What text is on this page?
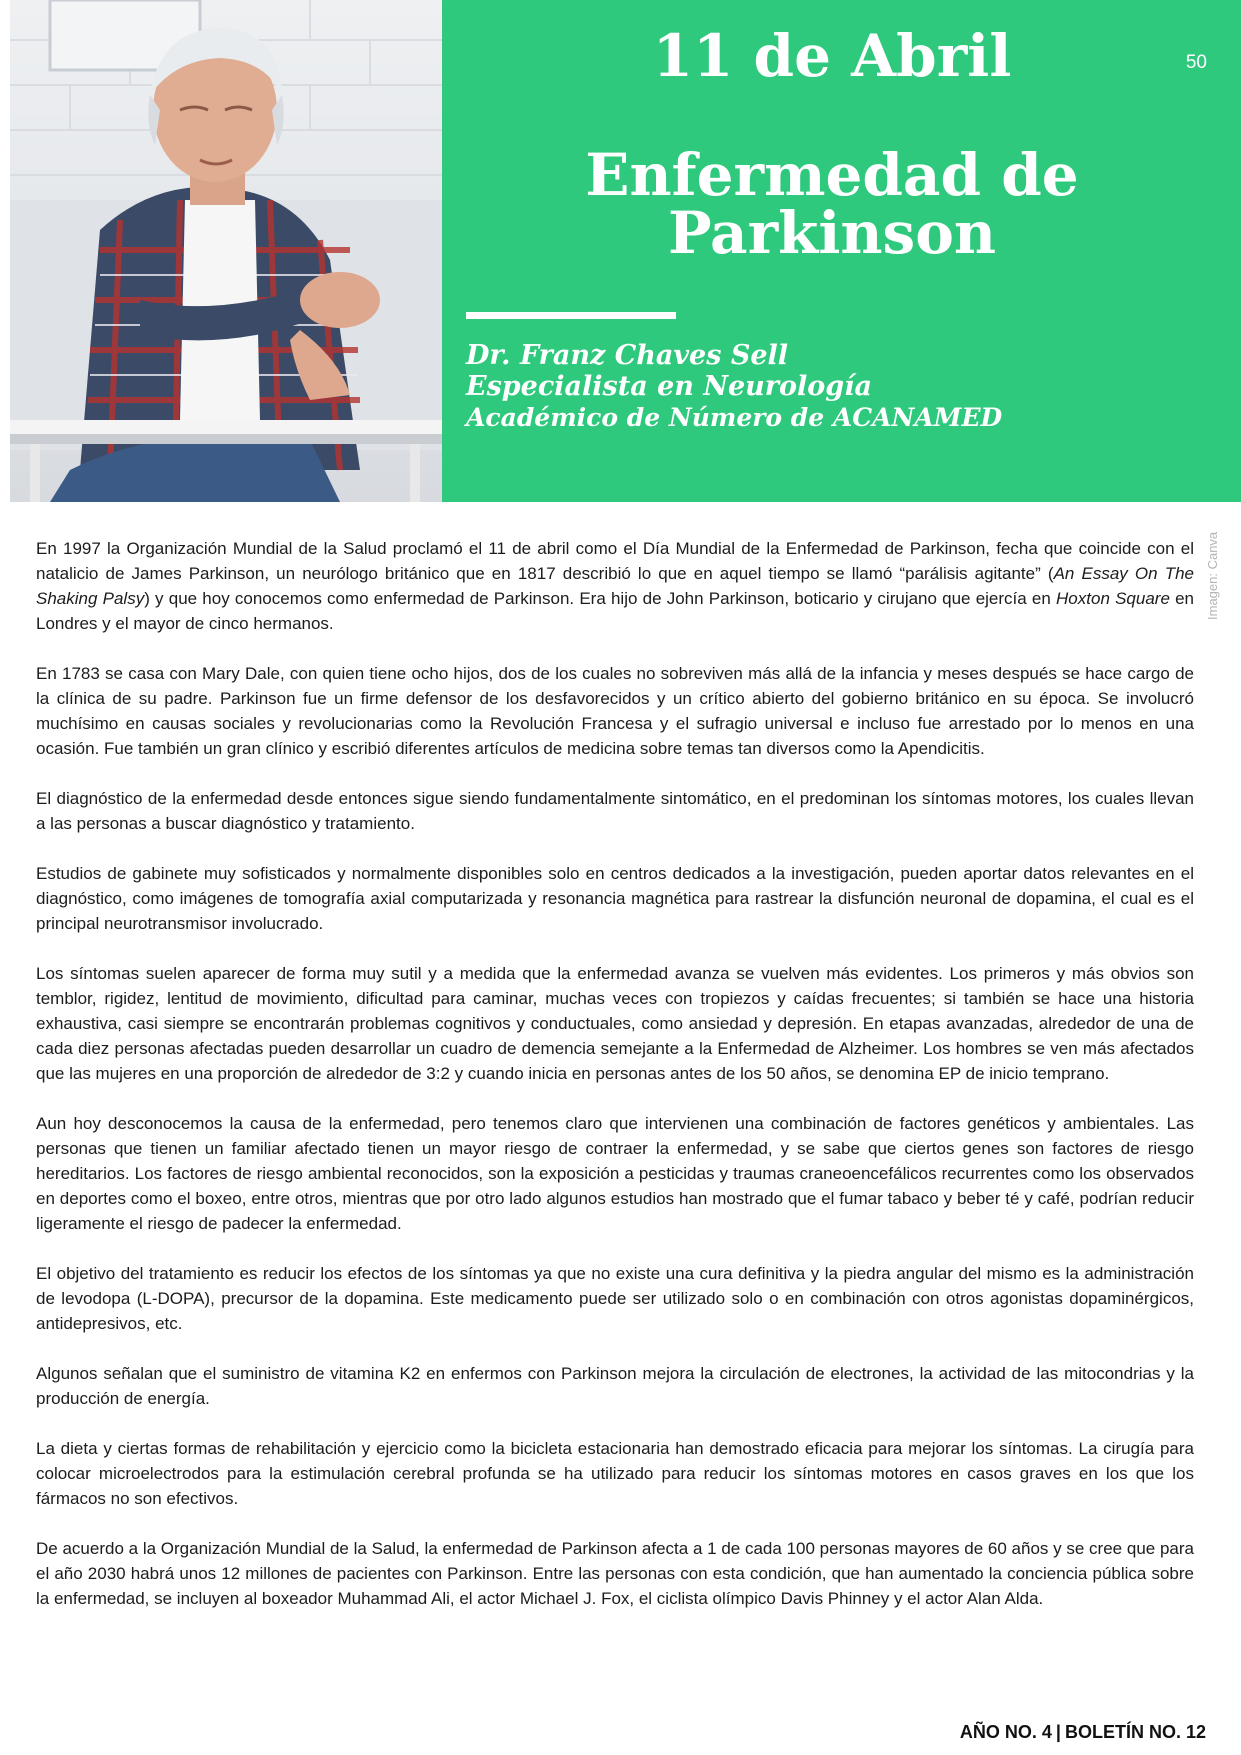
11 de Abril	50
Enfermedad de
Parkinson
Dr. Franz Chaves Sell
Especialista en Neurología
Académico de Número de ACANAMED
Imagen: Canva

En 1997 la Organización Mundial de la Salud proclamó el 11 de abril como el Día Mundial de la Enfermedad de Parkinson, fecha que coincide con el natalicio de James Parkinson, un neurólogo británico que en 1817 describió lo que en aquel tiempo se llamó “parálisis agitante” (An Essay On The Shaking Palsy) y que hoy conocemos como enfermedad de Parkinson. Era hijo de John Parkinson, boticario y cirujano que ejercía en Hoxton Square en Londres y el mayor de cinco hermanos.

En 1783 se casa con Mary Dale, con quien tiene ocho hijos, dos de los cuales no sobreviven más allá de la infancia y meses después se hace cargo de la clínica de su padre. Parkinson fue un firme defensor de los desfavorecidos y un crítico abierto del gobierno británico en su época. Se involucró muchísimo en causas sociales y revolucionarias como la Revolución Francesa y el sufragio universal e incluso fue arrestado por lo menos en una ocasión. Fue también un gran clínico y escribió diferentes artículos de medicina sobre temas tan diversos como la Apendicitis.

El diagnóstico de la enfermedad desde entonces sigue siendo fundamentalmente sintomático, en el predominan los síntomas motores, los cuales llevan a las personas a buscar diagnóstico y tratamiento.

Estudios de gabinete muy sofisticados y normalmente disponibles solo en centros dedicados a la investigación, pueden aportar datos relevantes en el diagnóstico, como imágenes de tomografía axial computarizada y resonancia magnética para rastrear la disfunción neuronal de dopamina, el cual es el principal neurotransmisor involucrado.

Los síntomas suelen aparecer de forma muy sutil y a medida que la enfermedad avanza se vuelven más evidentes. Los primeros y más obvios son temblor, rigidez, lentitud de movimiento, dificultad para caminar, muchas veces con tropiezos y caídas frecuentes; si también se hace una historia exhaustiva, casi siempre se encontrarán problemas cognitivos y conductuales, como ansiedad y depresión. En etapas avanzadas, alrededor de una de cada diez personas afectadas pueden desarrollar un cuadro de demencia semejante a la Enfermedad de Alzheimer. Los hombres se ven más afectados que las mujeres en una proporción de alrededor de 3:2 y cuando inicia en personas antes de los 50 años, se denomina EP de inicio temprano.

Aun hoy desconocemos la causa de la enfermedad, pero tenemos claro que intervienen una combinación de factores genéticos y ambientales. Las personas que tienen un familiar afectado tienen un mayor riesgo de contraer la enfermedad, y se sabe que ciertos genes son factores de riesgo hereditarios. Los factores de riesgo ambiental reconocidos, son la exposición a pesticidas y traumas craneoencefálicos recurrentes como los observados en deportes como el boxeo, entre otros, mientras que por otro lado algunos estudios han mostrado que el fumar tabaco y beber té y café, podrían reducir ligeramente el riesgo de padecer la enfermedad.

El objetivo del tratamiento es reducir los efectos de los síntomas ya que no existe una cura definitiva y la piedra angular del mismo es la administración de levodopa (L-DOPA), precursor de la dopamina. Este medicamento puede ser utilizado solo o en combinación con otros agonistas dopaminérgicos, antidepresivos, etc.

Algunos señalan que el suministro de vitamina K2 en enfermos con Parkinson mejora la circulación de electrones, la actividad de las mitocondrias y la producción de energía.

La dieta y ciertas formas de rehabilitación y ejercicio como la bicicleta estacionaria han demostrado eficacia para mejorar los síntomas. La cirugía para colocar microelectrodos para la estimulación cerebral profunda se ha utilizado para reducir los síntomas motores en casos graves en los que los fármacos no son efectivos.

De acuerdo a la Organización Mundial de la Salud, la enfermedad de Parkinson afecta a 1 de cada 100 personas mayores de 60 años y se cree que para el año 2030 habrá unos 12 millones de pacientes con Parkinson. Entre las personas con esta condición, que han aumentado la conciencia pública sobre la enfermedad, se incluyen al boxeador Muhammad Ali, el actor Michael J. Fox, el ciclista olímpico Davis Phinney y el actor Alan Alda.

AÑO NO. 4 | BOLETÍN NO. 12
